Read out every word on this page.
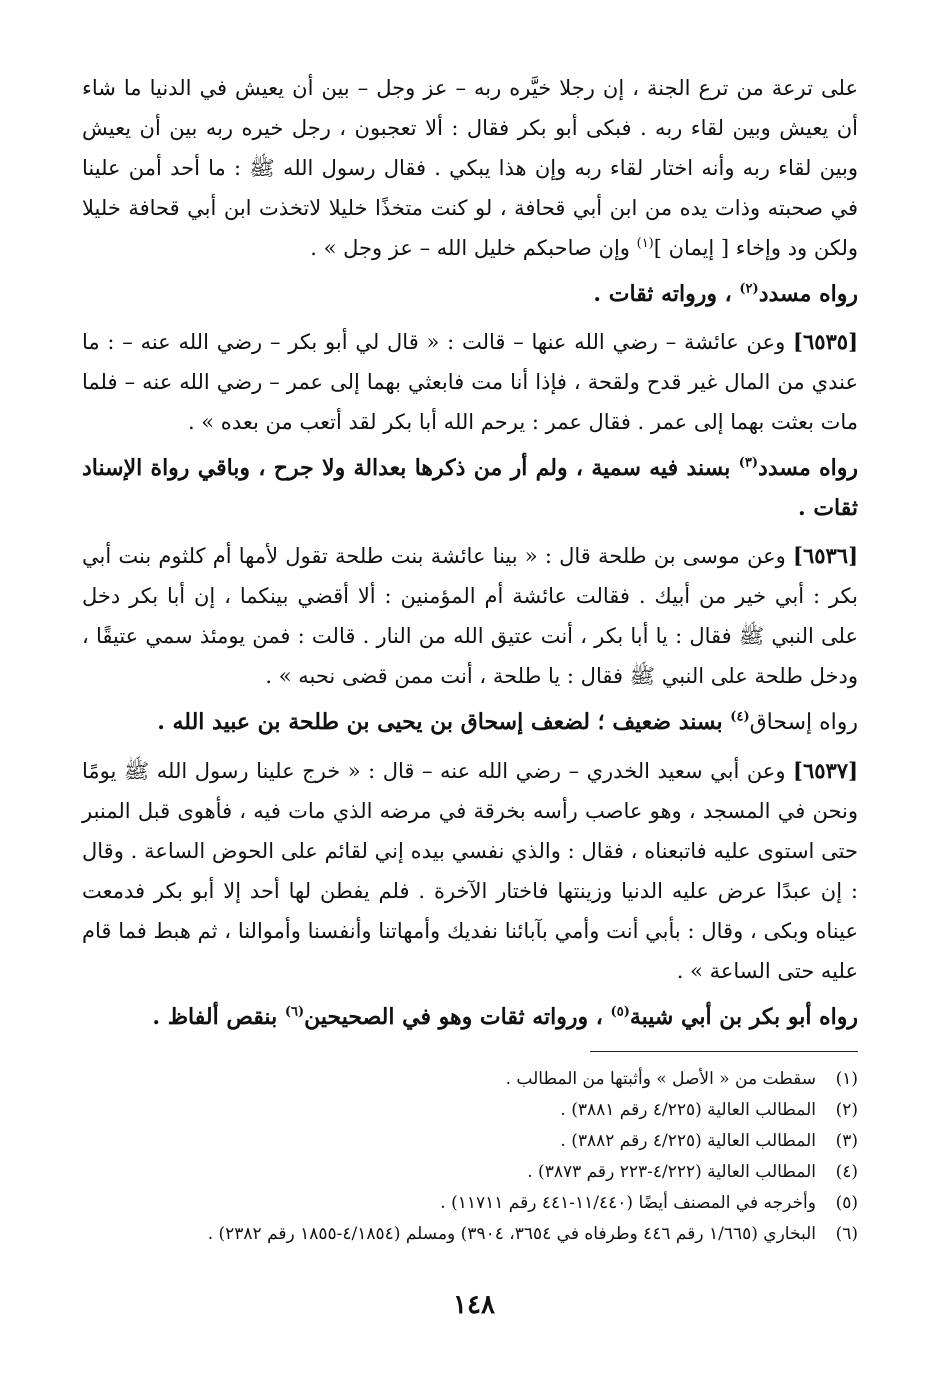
على ترعة من ترع الجنة ، إن رجلا خيَّره ربه – عز وجل – بين أن يعيش في الدنيا ما شاء أن يعيش وبين لقاء ربه . فبكى أبو بكر فقال : ألا تعجبون ، رجل خيره ربه بين أن يعيش وبين لقاء ربه وأنه اختار لقاء ربه وإن هذا يبكي . فقال رسول الله ﷺ : ما أحد أمن علينا في صحبته وذات يده من ابن أبي قحافة ، لو كنت متخذًا خليلا لاتخذت ابن أبي قحافة خليلا ولكن ود وإخاء [ إيمان ]$^{(١)}$ وإن صاحبكم خليل الله – عز وجل » .

رواه مسدد$^{(٢)}$ ، ورواته ثقات .

[٦٥٣٥] وعن عائشة – رضي الله عنها – قالت : « قال لي أبو بكر – رضي الله عنه – : ما عندي من المال غير قدح ولقحة ، فإذا أنا مت فابعثي بهما إلى عمر – رضي الله عنه – فلما مات بعثت بهما إلى عمر . فقال عمر : يرحم الله أبا بكر لقد أتعب من بعده » .

رواه مسدد$^{(٣)}$ بسند فيه سمية ، ولم أر من ذكرها بعدالة ولا جرح ، وباقي رواة الإسناد ثقات .

[٦٥٣٦] وعن موسى بن طلحة قال : « بينا عائشة بنت طلحة تقول لأمها أم كلثوم بنت أبي بكر : أبي خير من أبيك . فقالت عائشة أم المؤمنين : ألا أقضي بينكما ، إن أبا بكر دخل على النبي ﷺ فقال : يا أبا بكر ، أنت عتيق الله من النار . قالت : فمن يومئذ سمي عتيقًا ، ودخل طلحة على النبي ﷺ فقال : يا طلحة ، أنت ممن قضى نحبه » .

رواه إسحاق$^{(٤)}$ بسند ضعيف ؛ لضعف إسحاق بن يحيى بن طلحة بن عبيد الله .

[٦٥٣٧] وعن أبي سعيد الخدري – رضي الله عنه – قال : « خرج علينا رسول الله ﷺ يومًا ونحن في المسجد ، وهو عاصب رأسه بخرقة في مرضه الذي مات فيه ، فأهوى قبل المنبر حتى استوى عليه فاتبعناه ، فقال : والذي نفسي بيده إني لقائم على الحوض الساعة . وقال : إن عبدًا عرض عليه الدنيا وزينتها فاختار الآخرة . فلم يفطن لها أحد إلا أبو بكر فدمعت عيناه وبكى ، وقال : بأبي أنت وأمي بآبائنا نفديك وأمهاتنا وأنفسنا وأموالنا ، ثم هبط فما قام عليه حتى الساعة » .

رواه أبو بكر بن أبي شيبة$^{(٥)}$ ، ورواته ثقات وهو في الصحيحين$^{(٦)}$ بنقص ألفاظ .

(١)
سقطت من « الأصل » وأثبتها من المطالب .
(٢)
المطالب العالية (٤/٢٢٥ رقم ٣٨٨١) .
(٣)
المطالب العالية (٤/٢٢٥ رقم ٣٨٨٢) .
(٤)
المطالب العالية (٤/٢٢٢-٢٢٣ رقم ٣٨٧٣) .
(٥)
وأخرجه في المصنف أيضًا (١١/٤٤٠-٤٤١ رقم ١١٧١١) .
(٦)
البخاري (١/٦٦٥ رقم ٤٤٦ وطرفاه في ٣٦٥٤، ٣٩٠٤) ومسلم (٤/١٨٥٤-١٨٥٥ رقم ٢٣٨٢) .
١٤٨
